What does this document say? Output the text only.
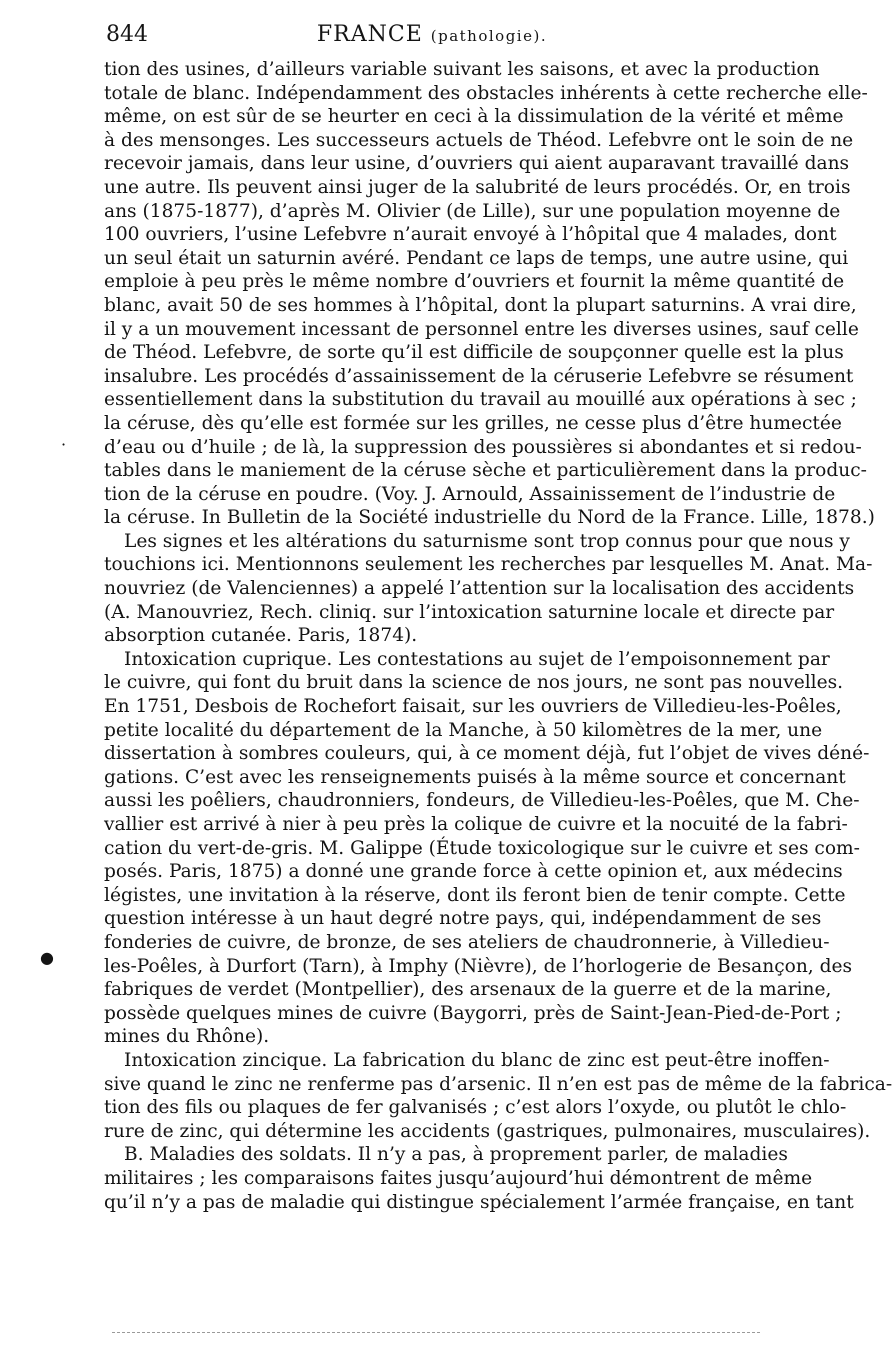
844	FRANCE (pathologie).
tion des usines, d’ailleurs variable suivant les saisons, et avec la production
totale de blanc. Indépendamment des obstacles inhérents à cette recherche elle-
même, on est sûr de se heurter en ceci à la dissimulation de la vérité et même
à des mensonges. Les successeurs actuels de Théod. Lefebvre ont le soin de ne
recevoir jamais, dans leur usine, d’ouvriers qui aient auparavant travaillé dans
une autre. Ils peuvent ainsi juger de la salubrité de leurs procédés. Or, en trois
ans (1875-1877), d’après M. Olivier (de Lille), sur une population moyenne de
100 ouvriers, l’usine Lefebvre n’aurait envoyé à l’hôpital que 4 malades, dont
un seul était un saturnin avéré. Pendant ce laps de temps, une autre usine, qui
emploie à peu près le même nombre d’ouvriers et fournit la même quantité de
blanc, avait 50 de ses hommes à l’hôpital, dont la plupart saturnins. A vrai dire,
il y a un mouvement incessant de personnel entre les diverses usines, sauf celle
de Théod. Lefebvre, de sorte qu’il est difficile de soupçonner quelle est la plus
insalubre. Les procédés d’assainissement de la céruserie Lefebvre se résument
essentiellement dans la substitution du travail au mouillé aux opérations à sec ;
la céruse, dès qu’elle est formée sur les grilles, ne cesse plus d’être humectée
d’eau ou d’huile ; de là, la suppression des poussières si abondantes et si redou-
tables dans le maniement de la céruse sèche et particulièrement dans la produc-
tion de la céruse en poudre. (Voy. J. Arnould, Assainissement de l’industrie de
la céruse. In Bulletin de la Société industrielle du Nord de la France. Lille, 1878.)
Les signes et les altérations du saturnisme sont trop connus pour que nous y
touchions ici. Mentionnons seulement les recherches par lesquelles M. Anat. Ma-
nouvriez (de Valenciennes) a appelé l’attention sur la localisation des accidents
(A. Manouvriez, Rech. cliniq. sur l’intoxication saturnine locale et directe par
absorption cutanée. Paris, 1874).
Intoxication cuprique. Les contestations au sujet de l’empoisonnement par
le cuivre, qui font du bruit dans la science de nos jours, ne sont pas nouvelles.
En 1751, Desbois de Rochefort faisait, sur les ouvriers de Villedieu-les-Poêles,
petite localité du département de la Manche, à 50 kilomètres de la mer, une
dissertation à sombres couleurs, qui, à ce moment déjà, fut l’objet de vives déné-
gations. C’est avec les renseignements puisés à la même source et concernant
aussi les poêliers, chaudronniers, fondeurs, de Villedieu-les-Poêles, que M. Che-
vallier est arrivé à nier à peu près la colique de cuivre et la nocuité de la fabri-
cation du vert-de-gris. M. Galippe (Étude toxicologique sur le cuivre et ses com-
posés. Paris, 1875) a donné une grande force à cette opinion et, aux médecins
légistes, une invitation à la réserve, dont ils feront bien de tenir compte. Cette
question intéresse à un haut degré notre pays, qui, indépendamment de ses
fonderies de cuivre, de bronze, de ses ateliers de chaudronnerie, à Villedieu-
les-Poêles, à Durfort (Tarn), à Imphy (Nièvre), de l’horlogerie de Besançon, des
fabriques de verdet (Montpellier), des arsenaux de la guerre et de la marine,
possède quelques mines de cuivre (Baygorri, près de Saint-Jean-Pied-de-Port ;
mines du Rhône).
Intoxication zincique. La fabrication du blanc de zinc est peut-être inoffen-
sive quand le zinc ne renferme pas d’arsenic. Il n’en est pas de même de la fabrica-
tion des fils ou plaques de fer galvanisés ; c’est alors l’oxyde, ou plutôt le chlo-
rure de zinc, qui détermine les accidents (gastriques, pulmonaires, musculaires).
B. Maladies des soldats. Il n’y a pas, à proprement parler, de maladies
militaires ; les comparaisons faites jusqu’aujourd’hui démontrent de même
qu’il n’y a pas de maladie qui distingue spécialement l’armée française, en tant
·
●
